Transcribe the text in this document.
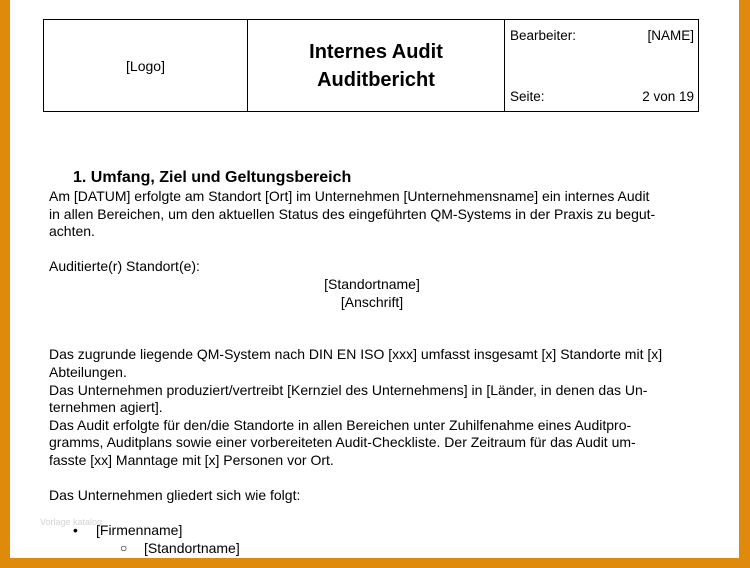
[Logo]
Internes Audit
Auditbericht
Bearbeiter:	[NAME]
Seite:	2 von 19
1. Umfang, Ziel und Geltungsbereich
Am [DATUM] erfolgte am Standort [Ort] im Unternehmen [Unternehmensname] ein internes Audit
in allen Bereichen, um den aktuellen Status des eingeführten QM-Systems in der Praxis zu begut-
achten.
Auditierte(r) Standort(e):
[Standortname]
[Anschrift]
Das zugrunde liegende QM-System nach DIN EN ISO [xxx] umfasst insgesamt [x] Standorte mit [x]
Abteilungen.
Das Unternehmen produziert/vertreibt [Kernziel des Unternehmens] in [Länder, in denen das Un-
ternehmen agiert].
Das Audit erfolgte für den/die Standorte in allen Bereichen unter Zuhilfenahme eines Auditpro-
gramms, Auditplans sowie einer vorbereiteten Audit-Checkliste. Der Zeitraum für das Audit um-
fasste [xx] Manntage mit [x] Personen vor Ort.
Das Unternehmen gliedert sich wie folgt:
•	[Firmenname]
○	[Standortname]
Vorlage katalog
